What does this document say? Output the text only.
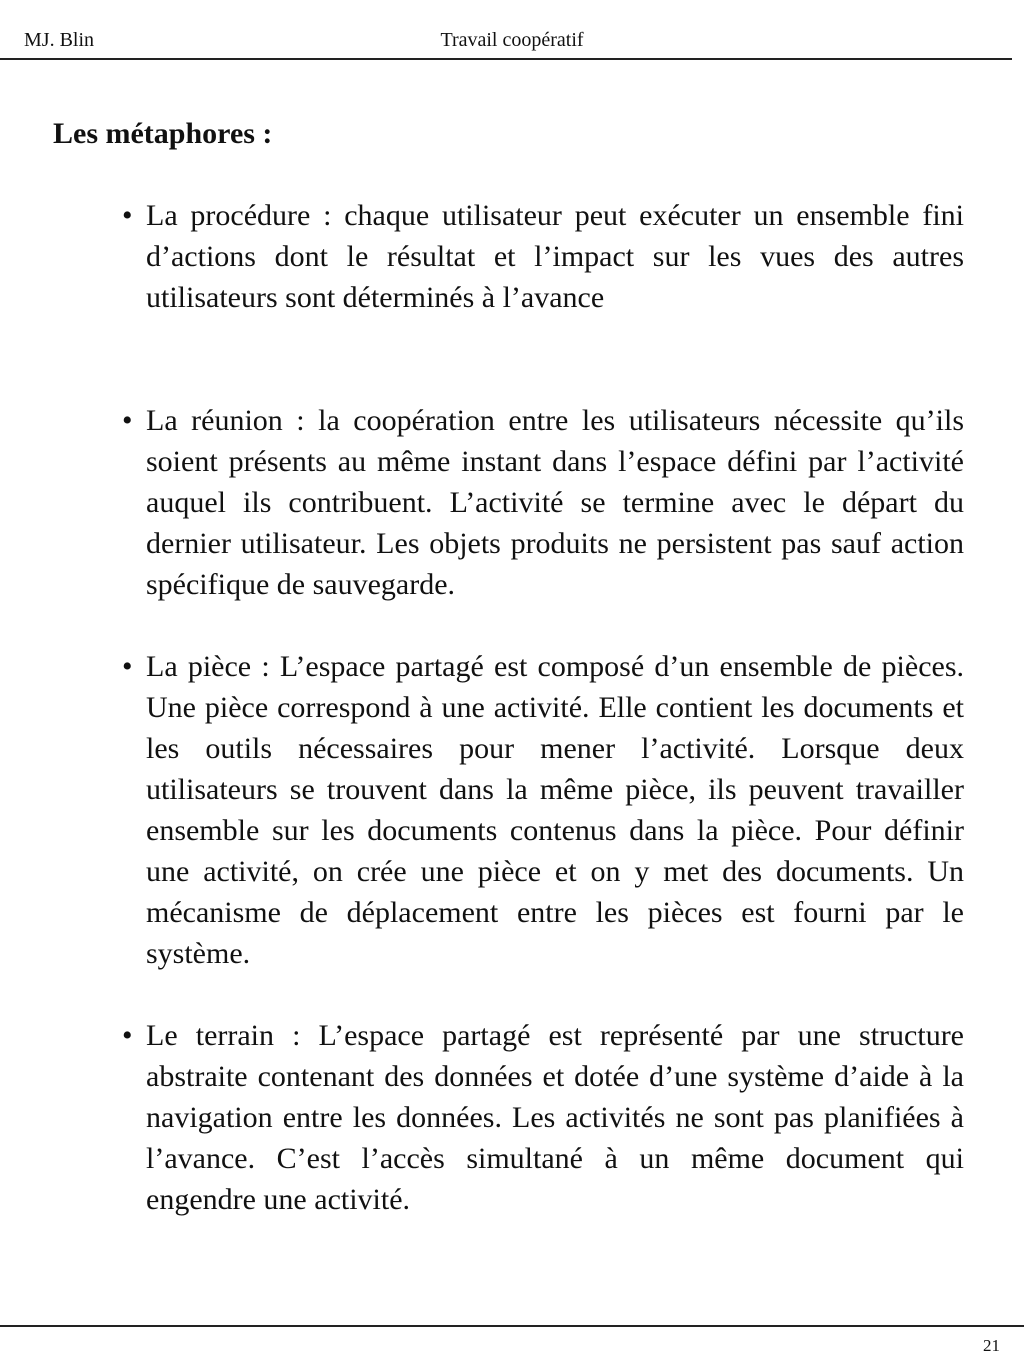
MJ. Blin	Travail coopératif
Les métaphores :
• La procédure : chaque utilisateur peut exécuter un ensemble fini d’actions dont le résultat et l’impact sur les vues des autres utilisateurs sont déterminés à l’avance
• La réunion : la coopération entre les utilisateurs nécessite qu’ils soient présents au même instant dans l’espace défini par l’activité auquel ils contribuent. L’activité se termine avec le départ du dernier utilisateur. Les objets produits ne persistent pas sauf action spécifique de sauvegarde.
• La pièce : L’espace partagé est composé d’un ensemble de pièces. Une pièce correspond à une activité. Elle contient les documents et les outils nécessaires pour mener l’activité. Lorsque deux utilisateurs se trouvent dans la même pièce, ils peuvent travailler ensemble sur les documents contenus dans la pièce. Pour définir une activité, on crée une pièce et on y met des documents. Un mécanisme de déplacement entre les pièces est fourni par le système.
• Le terrain : L’espace partagé est représenté par une structure abstraite contenant des données et dotée d’une système d’aide à la navigation entre les données. Les activités ne sont pas planifiées à l’avance. C’est l’accès simultané à un même document qui engendre une activité.
21
